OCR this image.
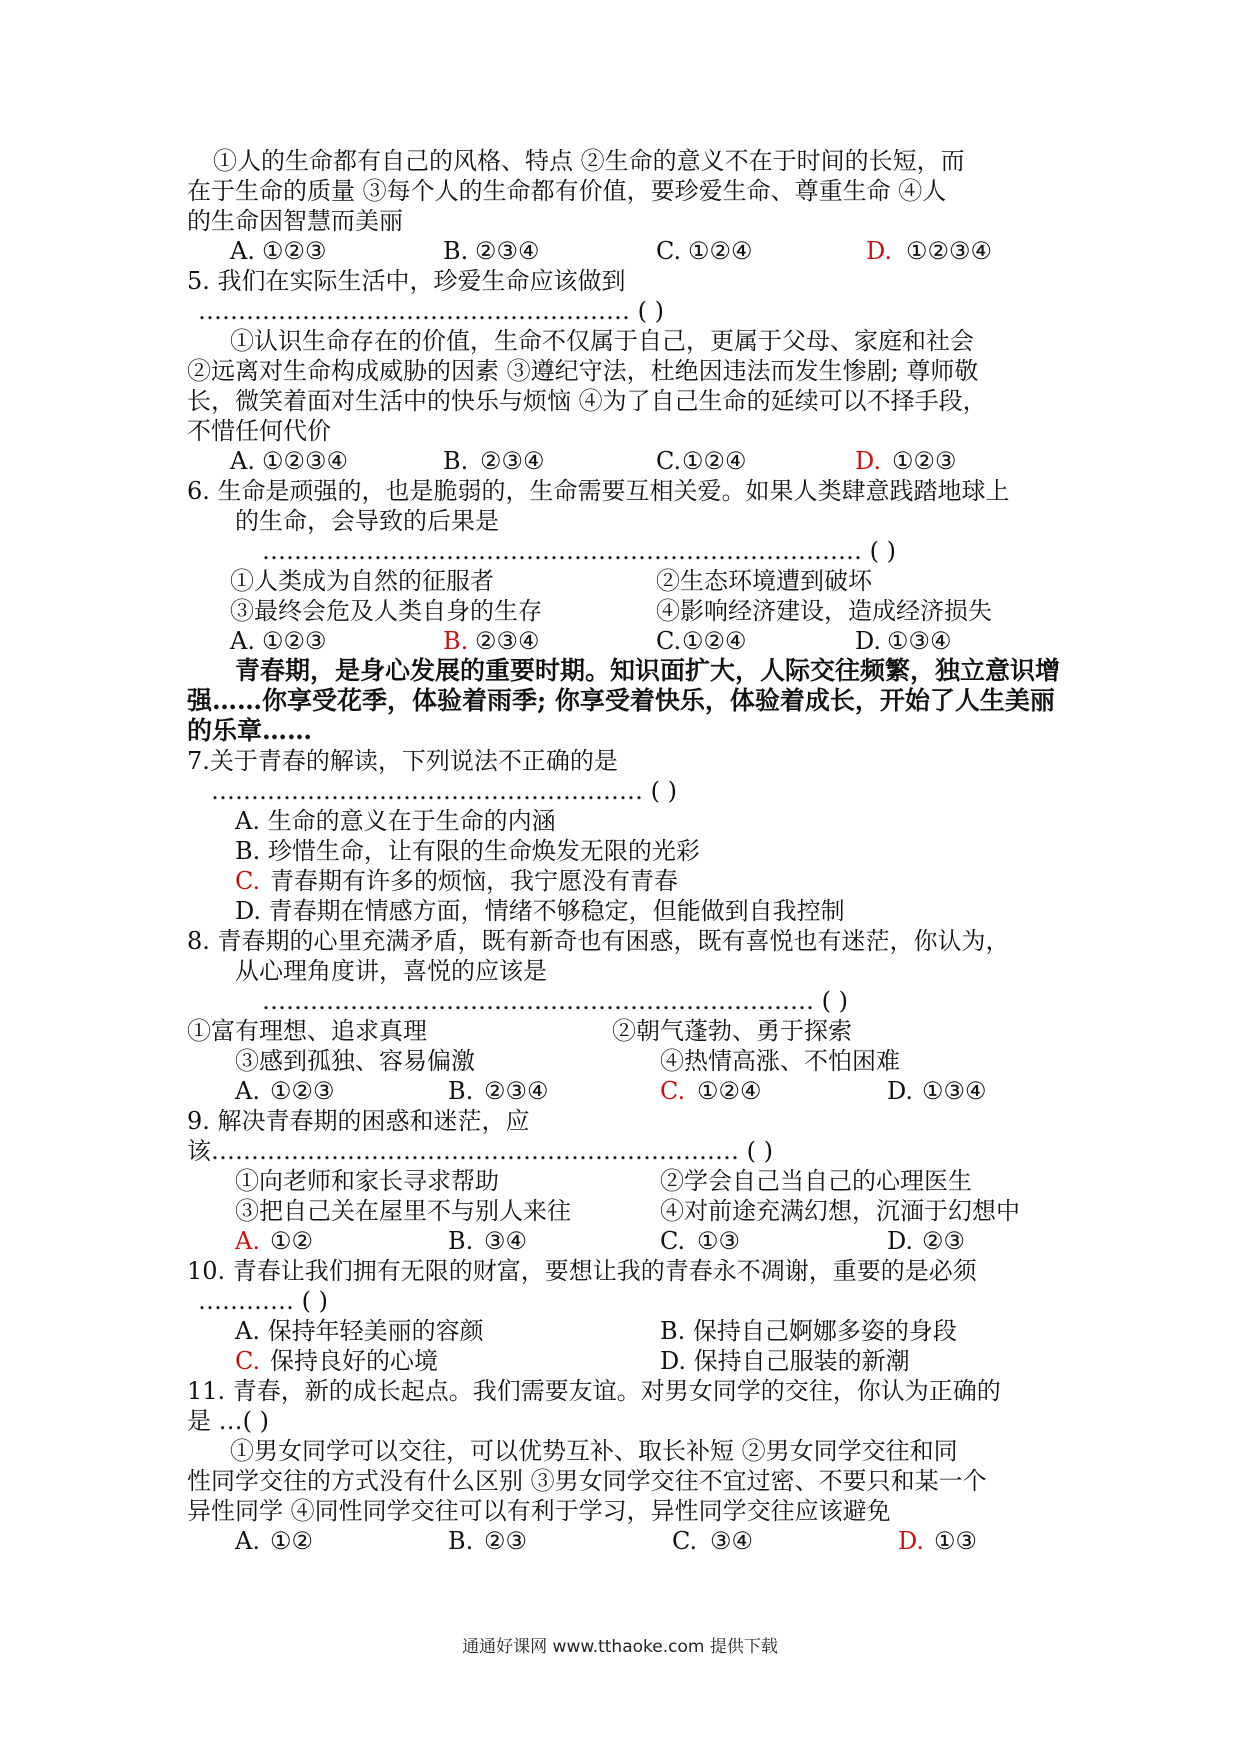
①人的生命都有自己的风格、特点 ②生命的意义不在于时间的长短，而
在于生命的质量 ③每个人的生命都有价值，要珍爱生命、尊重生命 ④人
的生命因智慧而美丽
A. ①②③	B. ②③④	C. ①②④	D. ①②③④
5. 我们在实际生活中，珍爱生命应该做到
……………………………………………… ( )
①认识生命存在的价值，生命不仅属于自己，更属于父母、家庭和社会
②远离对生命构成威胁的因素 ③遵纪守法，杜绝因违法而发生惨剧; 尊师敬
长，微笑着面对生活中的快乐与烦恼 ④为了自己生命的延续可以不择手段，
不惜任何代价
A. ①②③④	B. ②③④	C. ①②④	D. ①②③
6. 生命是顽强的，也是脆弱的，生命需要互相关爱。如果人类肆意践踏地球上
的生命，会导致的后果是
………………………………………………………………… ( )
①人类成为自然的征服者	②生态环境遭到破坏
③最终会危及人类自身的生存	④影响经济建设，造成经济损失
A. ①②③	B. ②③④	C. ①②④	D. ①③④
青春期，是身心发展的重要时期。知识面扩大，人际交往频繁，独立意识增
强……你享受花季，体验着雨季; 你享受着快乐，体验着成长，开始了人生美丽
的乐章……
7.关于青春的解读，下列说法不正确的是
……………………………………………… ( )
A. 生命的意义在于生命的内涵
B. 珍惜生命，让有限的生命焕发无限的光彩
C. 青春期有许多的烦恼，我宁愿没有青春
D. 青春期在情感方面，情绪不够稳定，但能做到自我控制
8. 青春期的心里充满矛盾，既有新奇也有困惑，既有喜悦也有迷茫，你认为，
从心理角度讲，喜悦的应该是
…………………………………………………………… ( )
①富有理想、追求真理	②朝气蓬勃、勇于探索
③感到孤独、容易偏激	④热情高涨、不怕困难
A. ①②③	B. ②③④	C. ①②④	D. ①③④
9. 解决青春期的困惑和迷茫，应
该………………………………………………………… ( )
①向老师和家长寻求帮助	②学会自己当自己的心理医生
③把自己关在屋里不与别人来往	④对前途充满幻想，沉湎于幻想中
A. ①②	B. ③④	C. ①③	D. ②③
10. 青春让我们拥有无限的财富，要想让我的青春永不凋谢，重要的是必须
………… ( )
A. 保持年轻美丽的容颜	B. 保持自己婀娜多姿的身段
C. 保持良好的心境	D. 保持自己服装的新潮
11. 青春，新的成长起点。我们需要友谊。对男女同学的交往，你认为正确的
是 …( )
①男女同学可以交往，可以优势互补、取长补短 ②男女同学交往和同
性同学交往的方式没有什么区别 ③男女同学交往不宜过密、不要只和某一个
异性同学 ④同性同学交往可以有利于学习，异性同学交往应该避免
A. ①②	B. ②③	C. ③④	D. ①③
通通好课网 www.tthaoke.com 提供下载
